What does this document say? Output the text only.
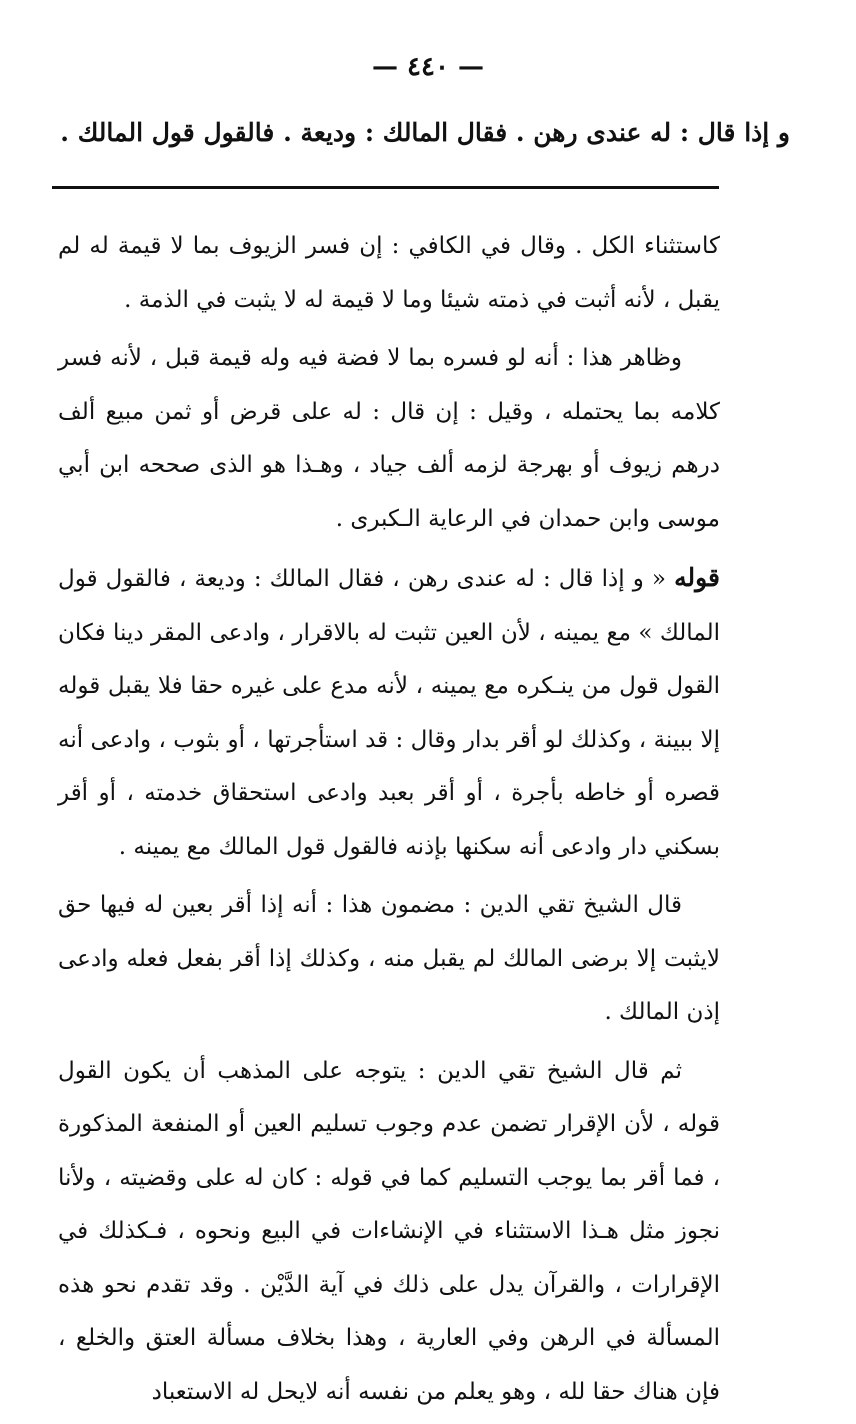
— ٤٤٠ —
و إذا قال : له عندى رهن . فقال المالك : وديعة . فالقول قول المالك .

كاستثناء الكل . وقال في الكافي : إن فسر الزيوف بما لا قيمة له لم يقبل ، لأنه أثبت في ذمته شيئا وما لا قيمة له لا يثبت في الذمة .

وظاهر هذا : أنه لو فسره بما لا فضة فيه وله قيمة قبل ، لأنه فسر كلامه بما يحتمله ، وقيل : إن قال : له على قرض أو ثمن مبيع ألف درهم زيوف أو بهرجة لزمه ألف جياد ، وهـذا هو الذى صححه ابن أبي موسى وابن حمدان في الرعاية الـكبرى .

قوله « و إذا قال : له عندى رهن ، فقال المالك : وديعة ، فالقول قول المالك » مع يمينه ، لأن العين تثبت له بالاقرار ، وادعى المقر دينا فكان القول قول من ينـكره مع يمينه ، لأنه مدع على غيره حقا فلا يقبل قوله إلا ببينة ، وكذلك لو أقر بدار وقال : قد استأجرتها ، أو بثوب ، وادعى أنه قصره أو خاطه بأجرة ، أو أقر بعبد وادعى استحقاق خدمته ، أو أقر بسكني دار وادعى أنه سكنها بإذنه فالقول قول المالك مع يمينه .

قال الشيخ تقي الدين : مضمون هذا : أنه إذا أقر بعين له فيها حق لايثبت إلا برضى المالك لم يقبل منه ، وكذلك إذا أقر بفعل فعله وادعى إذن المالك .

ثم قال الشيخ تقي الدين : يتوجه على المذهب أن يكون القول قوله ، لأن الإقرار تضمن عدم وجوب تسليم العين أو المنفعة المذكورة ، فما أقر بما يوجب التسليم كما في قوله : كان له على وقضيته ، ولأنا نجوز مثل هـذا الاستثناء في الإنشاءات في البيع ونحوه ، فـكذلك في الإقرارات ، والقرآن يدل على ذلك في آية الدَّيْن . وقد تقدم نحو هذه المسألة في الرهن وفي العارية ، وهذا بخلاف مسألة العتق والخلع ، فإن هناك حقا لله ، وهو يعلم من نفسه أنه لايحل له الاستعباد
